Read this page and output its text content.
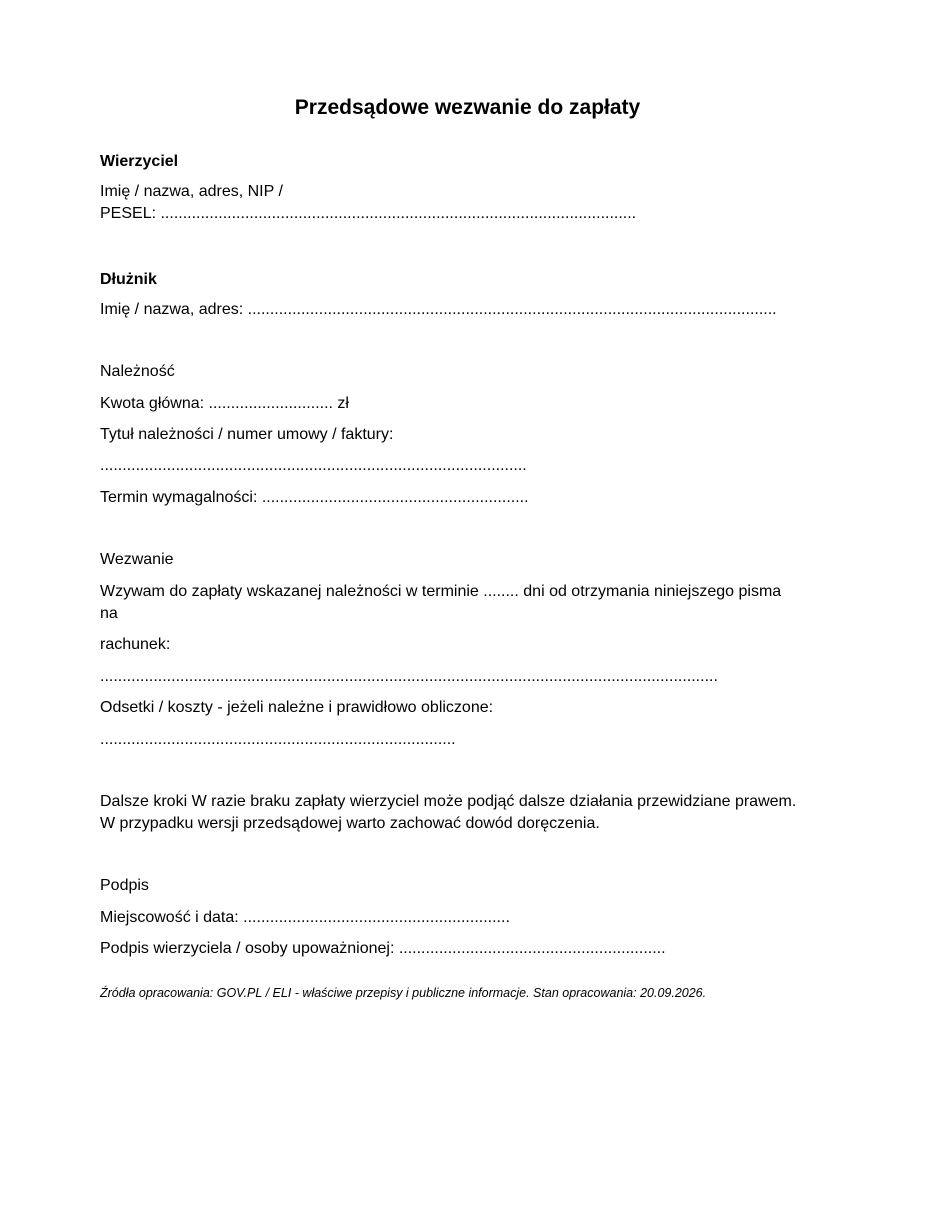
Przedsądowe wezwanie do zapłaty

Wierzyciel

Imię / nazwa, adres, NIP /

PESEL: ...........................................................................................................

Dłużnik

Imię / nazwa, adres: .......................................................................................................................

Należność

Kwota główna: ............................ zł

Tytuł należności / numer umowy / faktury:

................................................................................................

Termin wymagalności: ............................................................

Wezwanie

Wzywam do zapłaty wskazanej należności w terminie ........ dni od otrzymania niniejszego pisma

na

rachunek:

...........................................................................................................................................

Odsetki / koszty - jeżeli należne i prawidłowo obliczone:

................................................................................

Dalsze kroki W razie braku zapłaty wierzyciel może podjąć dalsze działania przewidziane prawem.

W przypadku wersji przedsądowej warto zachować dowód doręczenia.

Podpis

Miejscowość i data: ............................................................

Podpis wierzyciela / osoby upoważnionej: ............................................................

Źródła opracowania: GOV.PL / ELI - właściwe przepisy i publiczne informacje. Stan opracowania: 20.09.2026.
